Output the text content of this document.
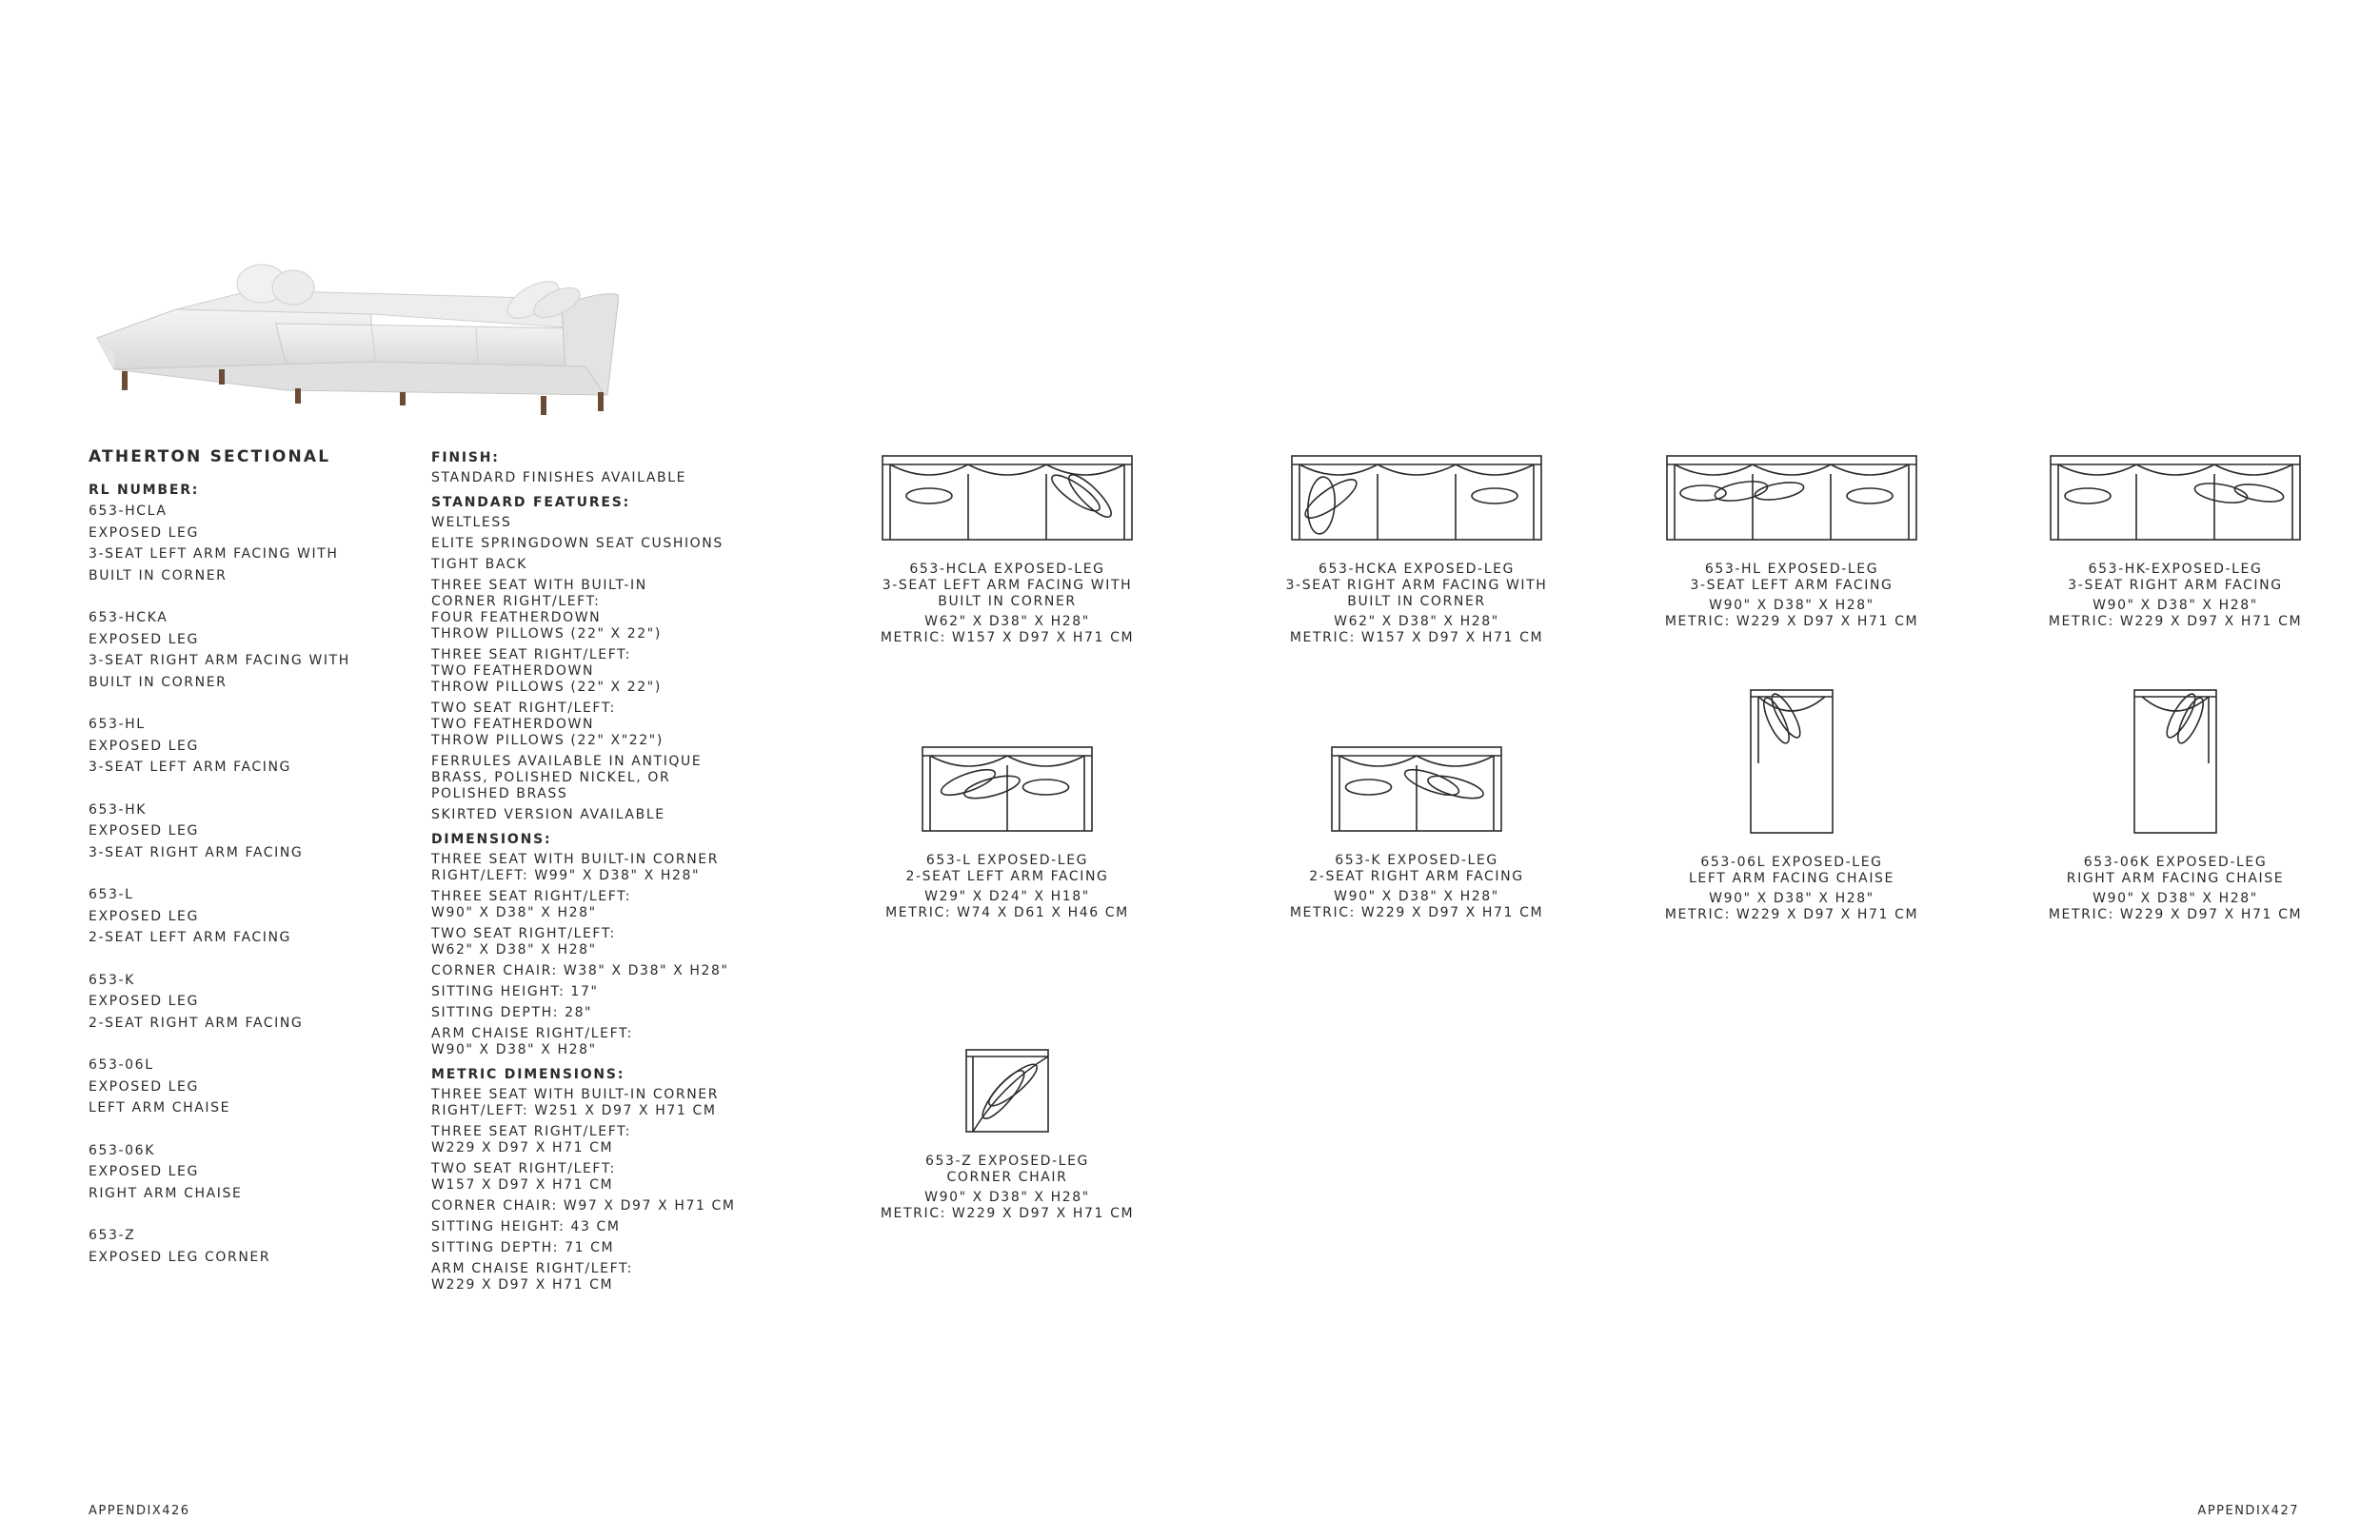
ATHERTON SECTIONAL
RL NUMBER:
653-HCLA
EXPOSED LEG
3-SEAT LEFT ARM FACING WITH
BUILT IN CORNER
653-HCKA
EXPOSED LEG
3-SEAT RIGHT ARM FACING WITH
BUILT IN CORNER
653-HL
EXPOSED LEG
3-SEAT LEFT ARM FACING
653-HK
EXPOSED LEG
3-SEAT RIGHT ARM FACING
653-L
EXPOSED LEG
2-SEAT LEFT ARM FACING
653-K
EXPOSED LEG
2-SEAT RIGHT ARM FACING
653-06L
EXPOSED LEG
LEFT ARM CHAISE
653-06K
EXPOSED LEG
RIGHT ARM CHAISE
653-Z
EXPOSED LEG CORNER
FINISH:
STANDARD FINISHES AVAILABLE
STANDARD FEATURES:
WELTLESS
ELITE SPRINGDOWN SEAT CUSHIONS
TIGHT BACK
THREE SEAT WITH BUILT-IN
CORNER RIGHT/LEFT:
FOUR FEATHERDOWN
THROW PILLOWS (22" X 22")
THREE SEAT RIGHT/LEFT:
TWO FEATHERDOWN
THROW PILLOWS (22" X 22")
TWO SEAT RIGHT/LEFT:
TWO FEATHERDOWN
THROW PILLOWS (22" X"22")
FERRULES AVAILABLE IN ANTIQUE
BRASS, POLISHED NICKEL, OR
POLISHED BRASS
SKIRTED VERSION AVAILABLE
DIMENSIONS:
THREE SEAT WITH BUILT-IN CORNER
RIGHT/LEFT: W99" X D38" X H28"
THREE SEAT RIGHT/LEFT:
W90" X D38" X H28"
TWO SEAT RIGHT/LEFT:
W62" X D38" X H28"
CORNER CHAIR: W38" X D38" X H28"
SITTING HEIGHT: 17"
SITTING DEPTH: 28"
ARM CHAISE RIGHT/LEFT:
W90" X D38" X H28"
METRIC DIMENSIONS:
THREE SEAT WITH BUILT-IN CORNER
RIGHT/LEFT: W251 X D97 X H71 CM
THREE SEAT RIGHT/LEFT:
W229 X D97 X H71 CM
TWO SEAT RIGHT/LEFT:
W157 X D97 X H71 CM
CORNER CHAIR: W97 X D97 X H71 CM
SITTING HEIGHT: 43 CM
SITTING DEPTH: 71 CM
ARM CHAISE RIGHT/LEFT:
W229 X D97 X H71 CM
653-HCLA EXPOSED-LEG
3-SEAT LEFT ARM FACING WITH
BUILT IN CORNER
W62" X D38" X H28"
METRIC: W157 X D97 X H71 CM
653-HCKA EXPOSED-LEG
3-SEAT RIGHT ARM FACING WITH
BUILT IN CORNER
W62" X D38" X H28"
METRIC: W157 X D97 X H71 CM
653-HL EXPOSED-LEG
3-SEAT LEFT ARM FACING
W90" X D38" X H28"
METRIC: W229 X D97 X H71 CM
653-HK-EXPOSED-LEG
3-SEAT RIGHT ARM FACING
W90" X D38" X H28"
METRIC: W229 X D97 X H71 CM
653-L EXPOSED-LEG
2-SEAT LEFT ARM FACING
W29" X D24" X H18"
METRIC: W74 X D61 X H46 CM
653-K EXPOSED-LEG
2-SEAT RIGHT ARM FACING
W90" X D38" X H28"
METRIC: W229 X D97 X H71 CM
653-06L EXPOSED-LEG
LEFT ARM FACING CHAISE
W90" X D38" X H28"
METRIC: W229 X D97 X H71 CM
653-06K EXPOSED-LEG
RIGHT ARM FACING CHAISE
W90" X D38" X H28"
METRIC: W229 X D97 X H71 CM
653-Z EXPOSED-LEG
CORNER CHAIR
W90" X D38" X H28"
METRIC: W229 X D97 X H71 CM
APPENDIX426	APPENDIX427
